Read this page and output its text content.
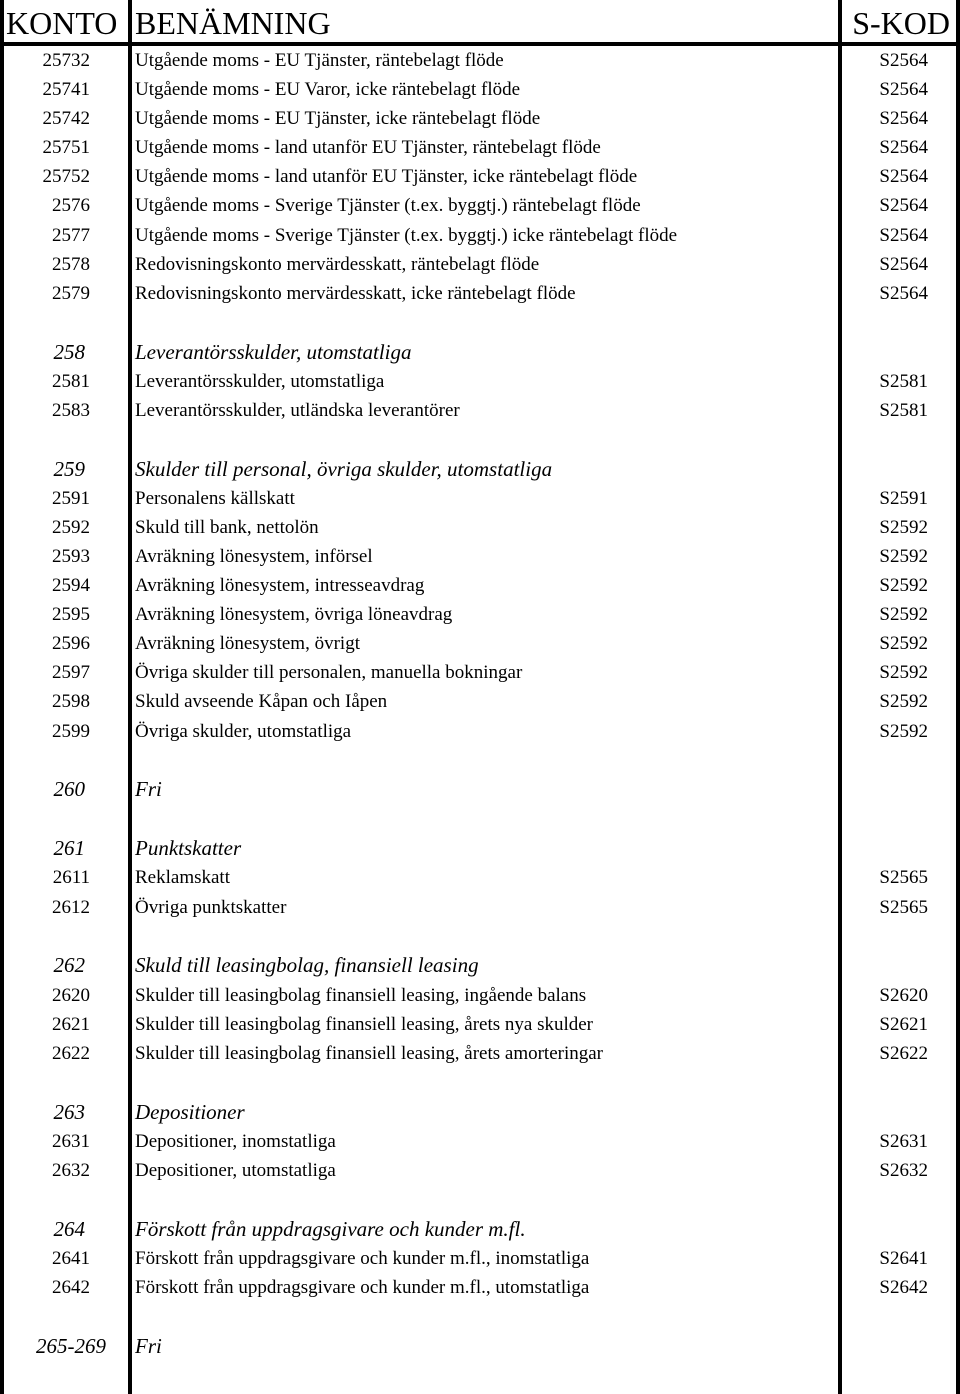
KONTO BENÄMNING	S-KOD
25732 Utgående moms - EU Tjänster, räntebelagt flöde	S2564
25741 Utgående moms - EU Varor, icke räntebelagt flöde	S2564
25742 Utgående moms - EU Tjänster, icke räntebelagt flöde	S2564
25751 Utgående moms - land utanför EU Tjänster, räntebelagt flöde	S2564
25752 Utgående moms - land utanför EU Tjänster, icke räntebelagt flöde	S2564
2576 Utgående moms - Sverige Tjänster (t.ex. byggtj.) räntebelagt flöde	S2564
2577 Utgående moms - Sverige Tjänster (t.ex. byggtj.) icke räntebelagt flöde	S2564
2578 Redovisningskonto mervärdesskatt, räntebelagt flöde	S2564
2579 Redovisningskonto mervärdesskatt, icke räntebelagt flöde	S2564
258 Leverantörsskulder, utomstatliga
2581 Leverantörsskulder, utomstatliga	S2581
2583 Leverantörsskulder, utländska leverantörer	S2581
259 Skulder till personal, övriga skulder, utomstatliga
2591 Personalens källskatt	S2591
2592 Skuld till bank, nettolön	S2592
2593 Avräkning lönesystem, införsel	S2592
2594 Avräkning lönesystem, intresseavdrag	S2592
2595 Avräkning lönesystem, övriga löneavdrag	S2592
2596 Avräkning lönesystem, övrigt	S2592
2597 Övriga skulder till personalen, manuella bokningar	S2592
2598 Skuld avseende Kåpan och Iåpen	S2592
2599 Övriga skulder, utomstatliga	S2592
260 Fri
261 Punktskatter
2611 Reklamskatt	S2565
2612 Övriga punktskatter	S2565
262 Skuld till leasingbolag, finansiell leasing
2620 Skulder till leasingbolag finansiell leasing, ingående balans	S2620
2621 Skulder till leasingbolag finansiell leasing, årets nya skulder	S2621
2622 Skulder till leasingbolag finansiell leasing, årets amorteringar	S2622
263 Depositioner
2631 Depositioner, inomstatliga	S2631
2632 Depositioner, utomstatliga	S2632
264 Förskott från uppdragsgivare och kunder m.fl.
2641 Förskott från uppdragsgivare och kunder m.fl., inomstatliga	S2641
2642 Förskott från uppdragsgivare och kunder m.fl., utomstatliga	S2642
265-269 Fri
